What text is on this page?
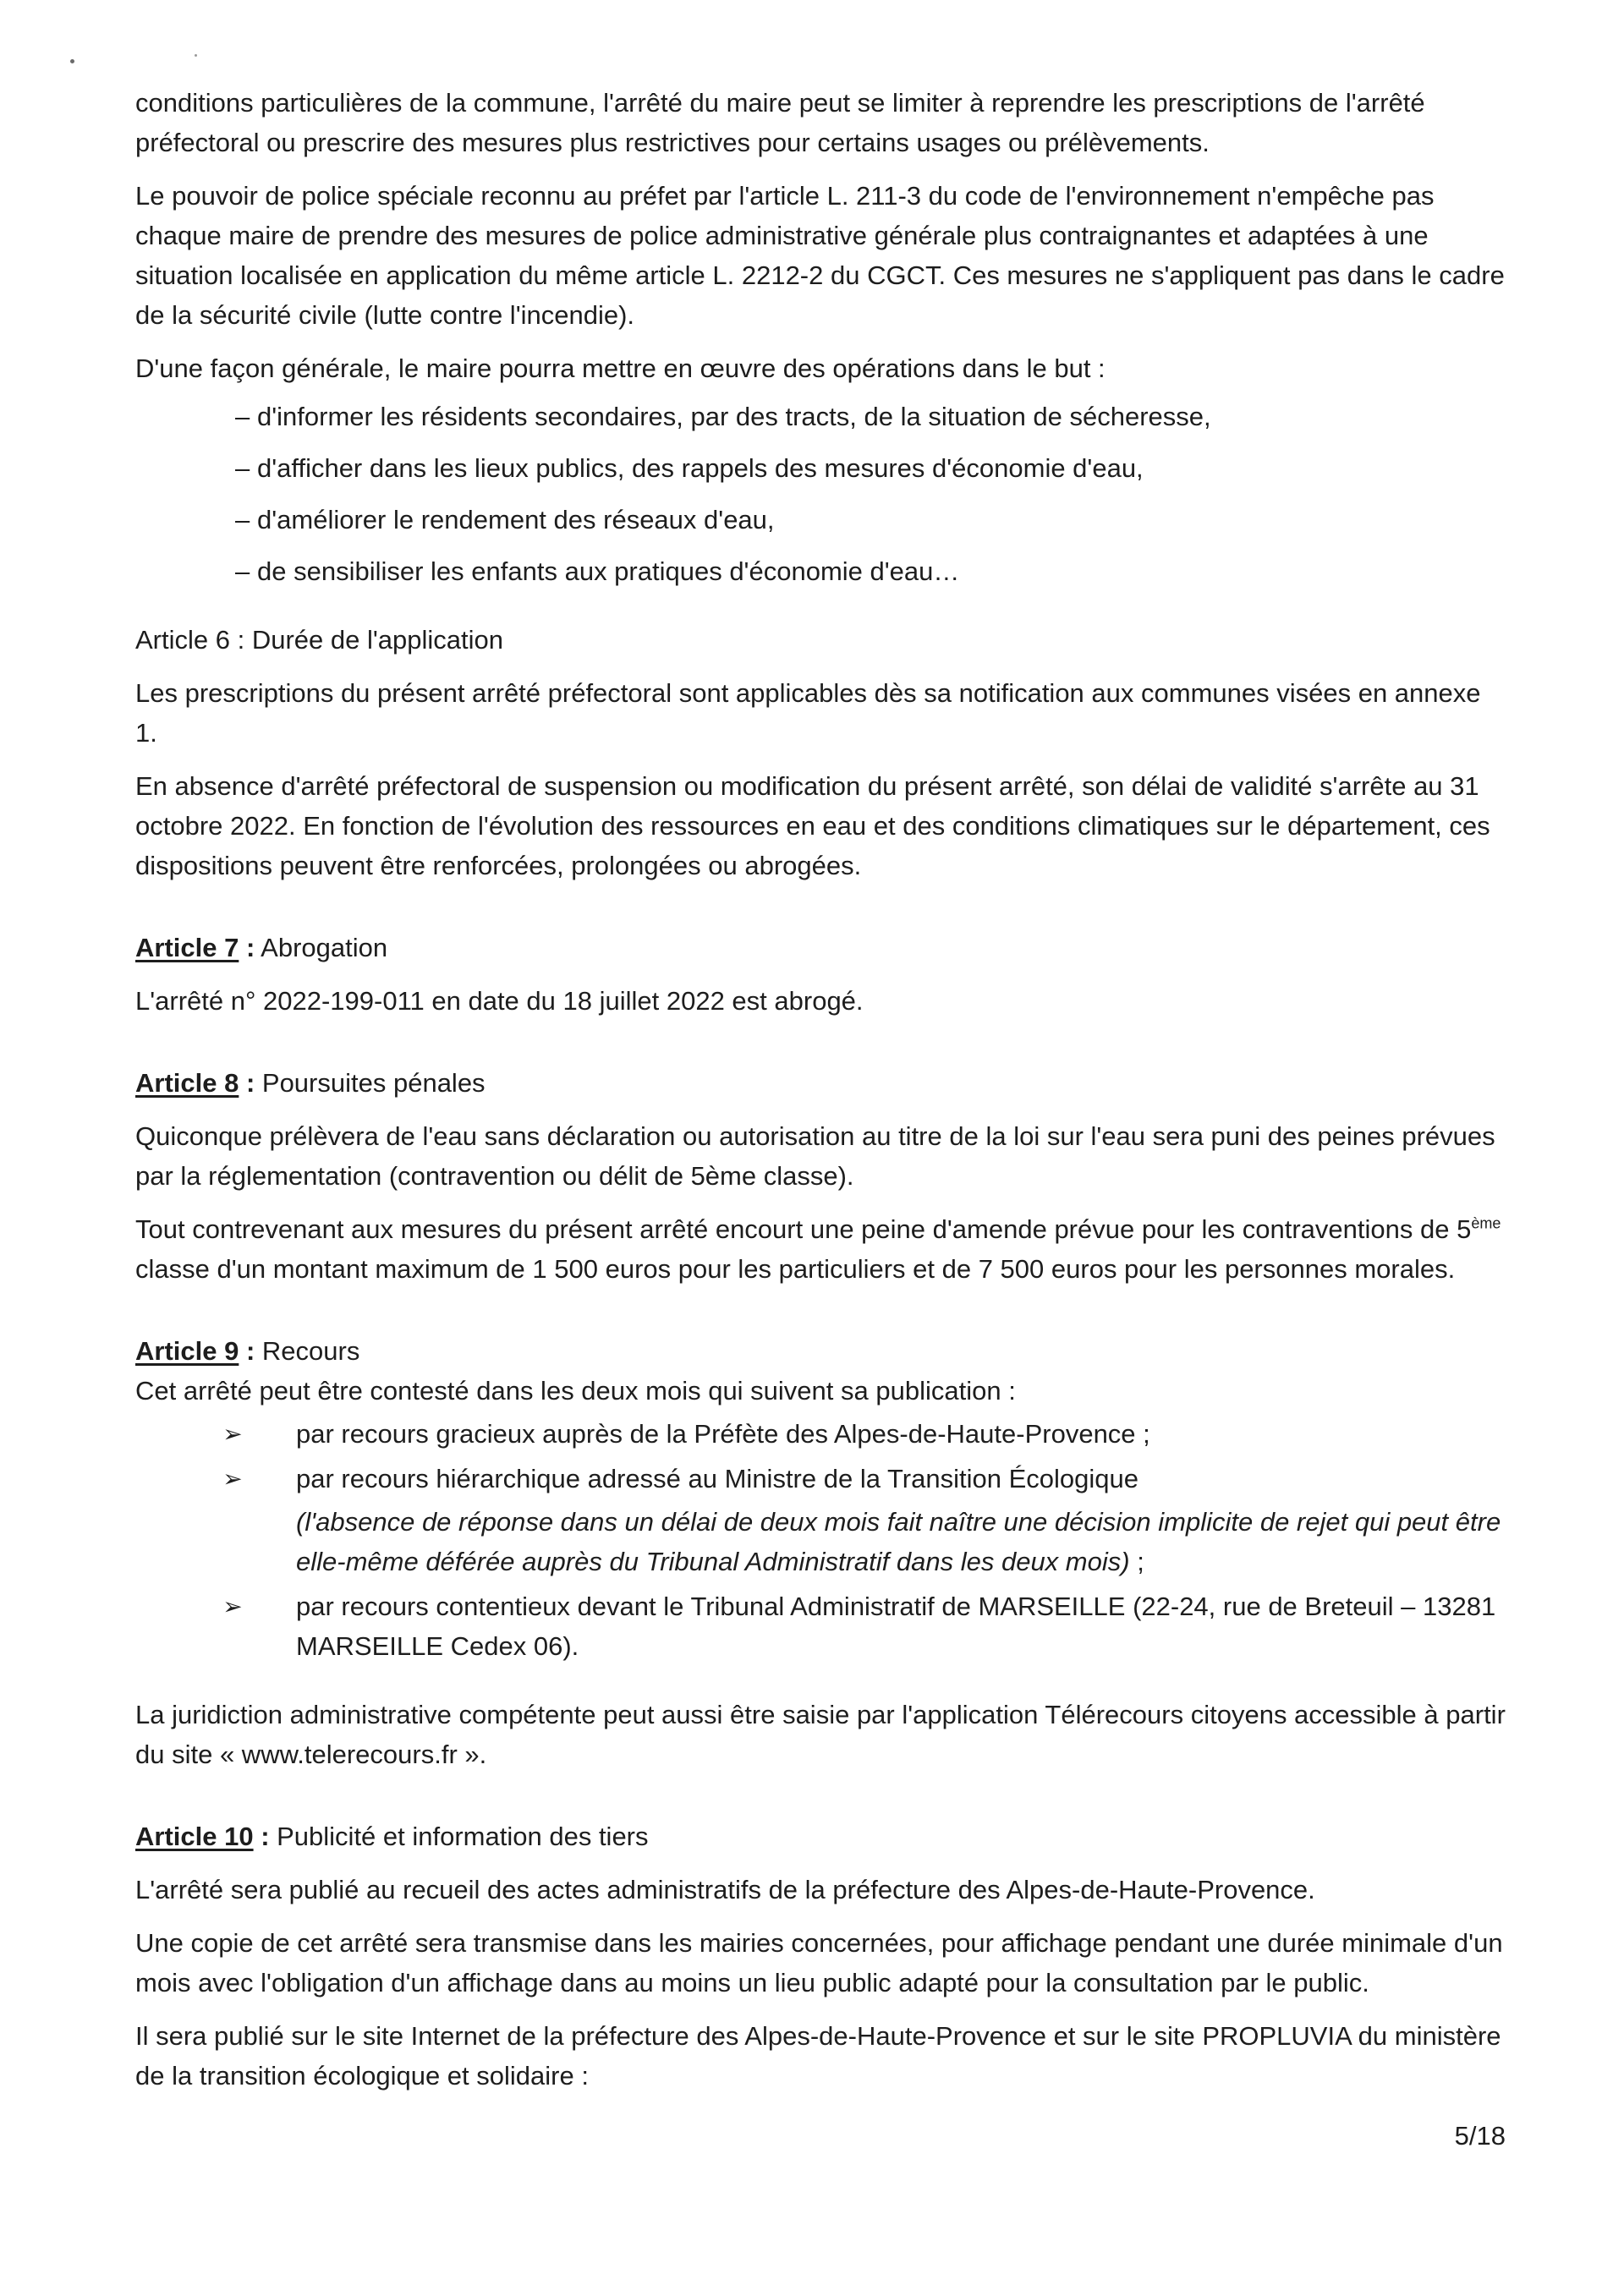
conditions particulières de la commune, l'arrêté du maire peut se limiter à reprendre les prescriptions de l'arrêté préfectoral ou prescrire des mesures plus restrictives pour certains usages ou prélèvements.

Le pouvoir de police spéciale reconnu au préfet par l'article L. 211-3 du code de l'environnement n'empêche pas chaque maire de prendre des mesures de police administrative générale plus contraignantes et adaptées à une situation localisée en application du même article L. 2212-2 du CGCT. Ces mesures ne s'appliquent pas dans le cadre de la sécurité civile (lutte contre l'incendie).

D'une façon générale, le maire pourra mettre en œuvre des opérations dans le but :

– d'informer les résidents secondaires, par des tracts, de la situation de sécheresse,
– d'afficher dans les lieux publics, des rappels des mesures d'économie d'eau,
– d'améliorer le rendement des réseaux d'eau,
– de sensibiliser les enfants aux pratiques d'économie d'eau…

Article 6 : Durée de l'application

Les prescriptions du présent arrêté préfectoral sont applicables dès sa notification aux communes visées en annexe 1.

En absence d'arrêté préfectoral de suspension ou modification du présent arrêté, son délai de validité s'arrête au 31 octobre 2022. En fonction de l'évolution des ressources en eau et des conditions climatiques sur le département, ces dispositions peuvent être renforcées, prolongées ou abrogées.

Article 7 : Abrogation

L'arrêté n° 2022-199-011 en date du 18 juillet 2022 est abrogé.

Article 8 : Poursuites pénales

Quiconque prélèvera de l'eau sans déclaration ou autorisation au titre de la loi sur l'eau sera puni des peines prévues par la réglementation (contravention ou délit de 5ème classe).

Tout contrevenant aux mesures du présent arrêté encourt une peine d'amende prévue pour les contraventions de 5ème classe d'un montant maximum de 1 500 euros pour les particuliers et de 7 500 euros pour les personnes morales.

Article 9 : Recours

Cet arrêté peut être contesté dans les deux mois qui suivent sa publication :

➢ par recours gracieux auprès de la Préfète des Alpes-de-Haute-Provence ;
➢ par recours hiérarchique adressé au Ministre de la Transition Écologique
(l'absence de réponse dans un délai de deux mois fait naître une décision implicite de rejet qui peut être elle-même déférée auprès du Tribunal Administratif dans les deux mois) ;
➢ par recours contentieux devant le Tribunal Administratif de MARSEILLE (22-24, rue de Breteuil – 13281 MARSEILLE Cedex 06).

La juridiction administrative compétente peut aussi être saisie par l'application Télérecours citoyens accessible à partir du site « www.telerecours.fr ».

Article 10 : Publicité et information des tiers

L'arrêté sera publié au recueil des actes administratifs de la préfecture des Alpes-de-Haute-Provence.

Une copie de cet arrêté sera transmise dans les mairies concernées, pour affichage pendant une durée minimale d'un mois avec l'obligation d'un affichage dans au moins un lieu public adapté pour la consultation par le public.

Il sera publié sur le site Internet de la préfecture des Alpes-de-Haute-Provence et sur le site PROPLUVIA du ministère de la transition écologique et solidaire :

5/18
